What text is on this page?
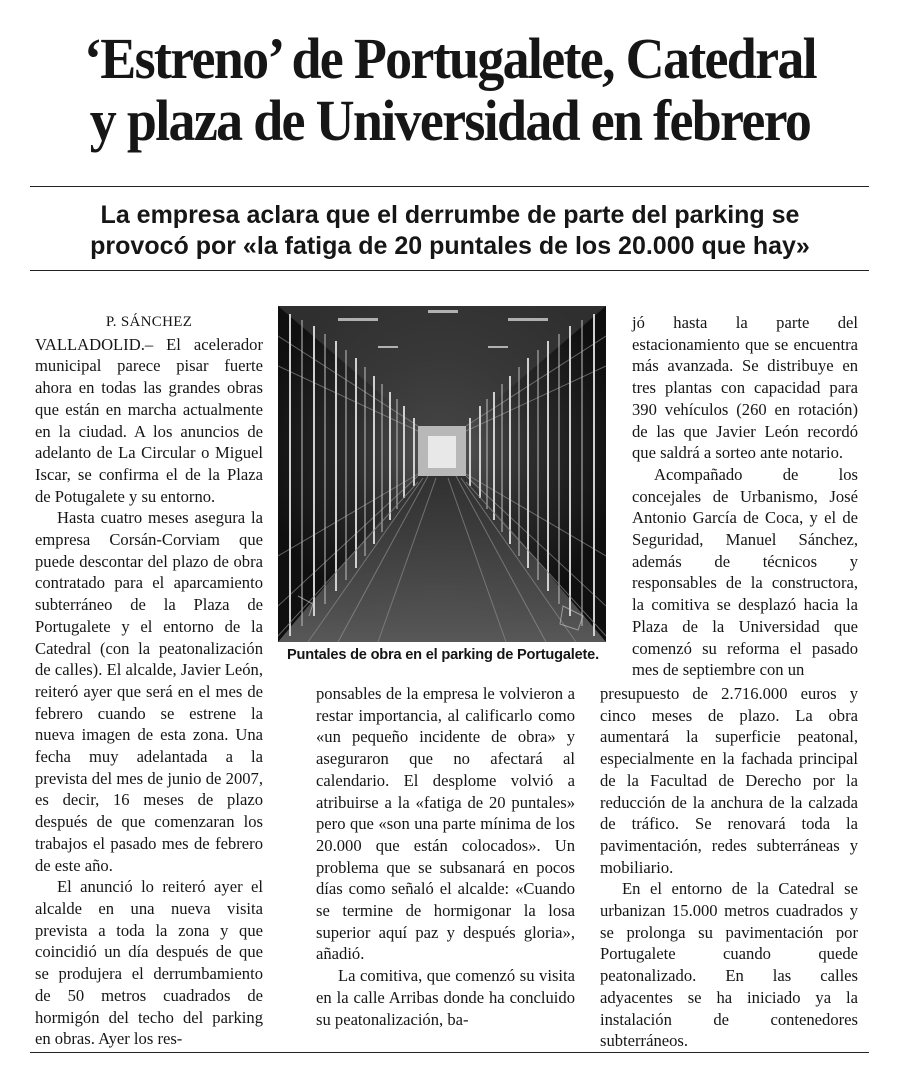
‘Estreno’ de Portugalete, Catedral
y plaza de Universidad en febrero
La empresa aclara que el derrumbe de parte del parking se
provocó por «la fatiga de 20 puntales de los 20.000 que hay»

P. SÁNCHEZ

VALLADOLID.– El acelerador municipal parece pisar fuerte ahora en todas las grandes obras que están en marcha actualmente en la ciudad. A los anuncios de adelanto de La Circular o Miguel Iscar, se confirma el de la Plaza de Potugalete y su entorno.

Hasta cuatro meses asegura la empresa Corsán-Corviam que puede descontar del plazo de obra contratado para el aparcamiento subterráneo de la Plaza de Portugalete y el entorno de la Catedral (con la peatonalización de calles). El alcalde, Javier León, reiteró ayer que será en el mes de febrero cuando se estrene la nueva imagen de esta zona. Una fecha muy adelantada a la prevista del mes de junio de 2007, es decir, 16 meses de plazo después de que comenzaran los trabajos el pasado mes de febrero de este año.

El anunció lo reiteró ayer el alcalde en una nueva visita prevista a toda la zona y que coincidió un día después de que se produjera el derrumbamiento de 50 metros cuadrados de hormigón del techo del parking en obras. Ayer los res-

Puntales de obra en el parking de Portugalete.

ponsables de la empresa le volvieron a restar importancia, al calificarlo como «un pequeño incidente de obra» y aseguraron que no afectará al calendario. El desplome volvió a atribuirse a la «fatiga de 20 puntales» pero que «son una parte mínima de los 20.000 que están colocados». Un problema que se subsanará en pocos días como señaló el alcalde: «Cuando se termine de hormigonar la losa superior aquí paz y después gloria», añadió.

La comitiva, que comenzó su visita en la calle Arribas donde ha concluido su peatonalización, ba-

jó hasta la parte del estacionamiento que se encuentra más avanzada. Se distribuye en tres plantas con capacidad para 390 vehículos (260 en rotación) de las que Javier León recordó que saldrá a sorteo ante notario.

Acompañado de los concejales de Urbanismo, José Antonio García de Coca, y el de Seguridad, Manuel Sánchez, además de técnicos y responsables de la constructora, la comitiva se desplazó hacia la Plaza de la Universidad que comenzó su reforma el pasado mes de septiembre con un

presupuesto de 2.716.000 euros y cinco meses de plazo. La obra aumentará la superficie peatonal, especialmente en la fachada principal de la Facultad de Derecho por la reducción de la anchura de la calzada de tráfico. Se renovará toda la pavimentación, redes subterráneas y mobiliario.

En el entorno de la Catedral se urbanizan 15.000 metros cuadrados y se prolonga su pavimentación por Portugalete cuando quede peatonalizado. En las calles adyacentes se ha iniciado ya la instalación de contenedores subterráneos.
